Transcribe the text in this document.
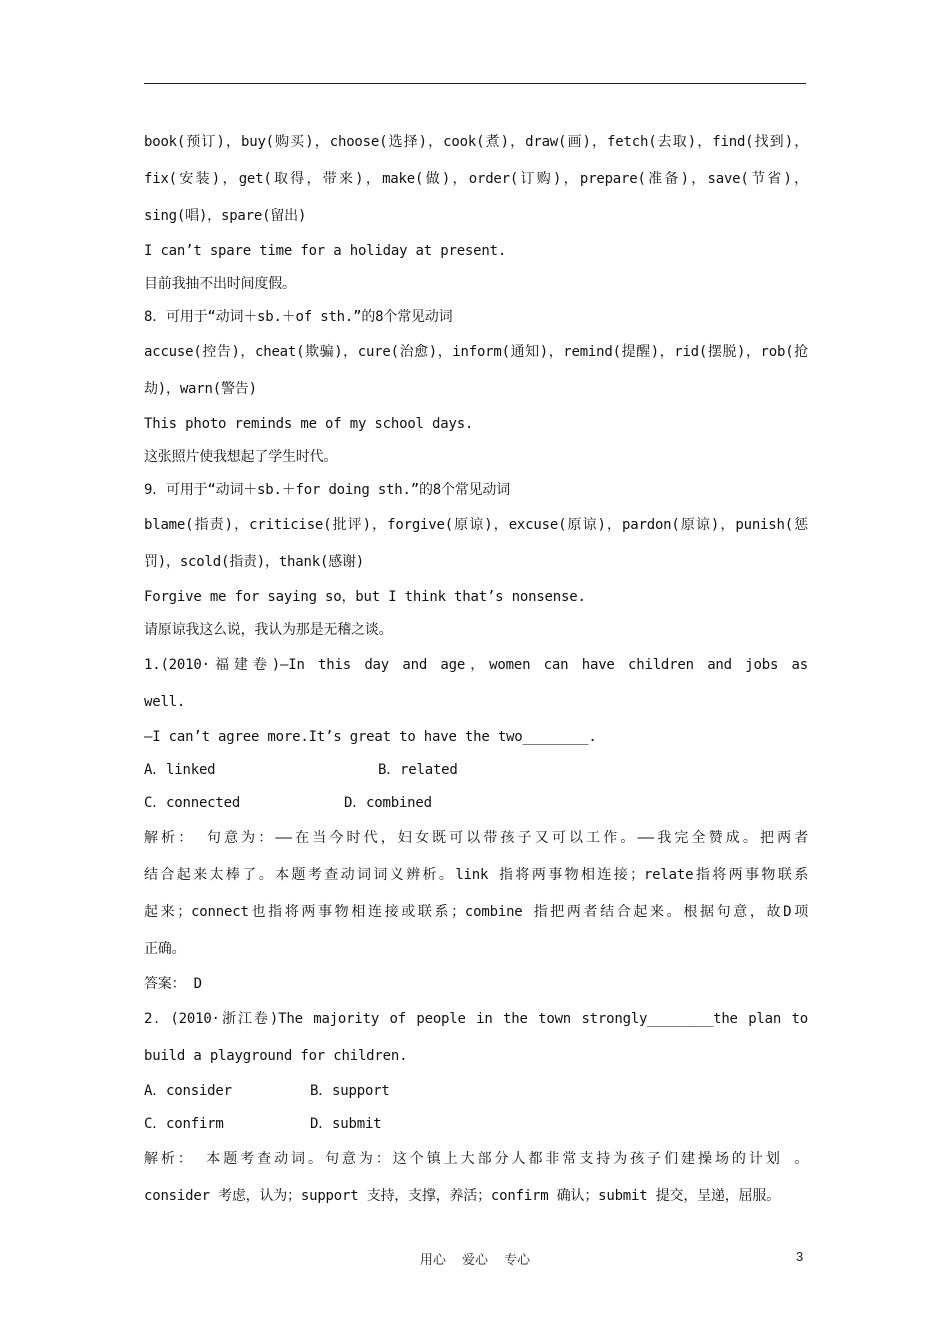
book(预订)，buy(购买)，choose(选择)，cook(煮)，draw(画)，fetch(去取)，find(找到)，

fix(安装)，get(取得，带来)，make(做)，order(订购)，prepare(准备)，save(节省)，

sing(唱)，spare(留出)

I can’t spare time for a holiday at present.

目前我抽不出时间度假。

8．可用于“动词＋sb.＋of sth.”的8个常见动词

accuse(控告)，cheat(欺骗)，cure(治愈)，inform(通知)，remind(提醒)，rid(摆脱)，rob(抢

劫)，warn(警告)

This photo reminds me of my school days.

这张照片使我想起了学生时代。

9．可用于“动词＋sb.＋for doing sth.”的8个常见动词

blame(指责)，criticise(批评)，forgive(原谅)，excuse(原谅)，pardon(原谅)，punish(惩

罚)，scold(指责)，thank(感谢)

Forgive me for saying so，but I think that’s nonsense.

请原谅我这么说，我认为那是无稽之谈。

1.(2010·福建卷)—In this day and age，women can have children and jobs as

well.

—I can’t agree more.It’s great to have the two________.

A．linked	B．related
C．connected	D．combined

解析： 句意为：——在当今时代，妇女既可以带孩子又可以工作。——我完全赞成。把两者

结合起来太棒了。本题考查动词词义辨析。link 指将两事物相连接；relate指将两事物联系

起来；connect也指将两事物相连接或联系；combine 指把两者结合起来。根据句意，故D项

正确。

答案： D

2．(2010·浙江卷)The majority of people in the town strongly________the plan to

build a playground for children.

A．consider	B．support
C．confirm	D．submit

解析： 本题考查动词。句意为：这个镇上大部分人都非常支持为孩子们建操场的计划 。

consider 考虑，认为；support 支持，支撑，养活；confirm 确认；submit 提交，呈递，屈服。

用心 爱心 专心	3
